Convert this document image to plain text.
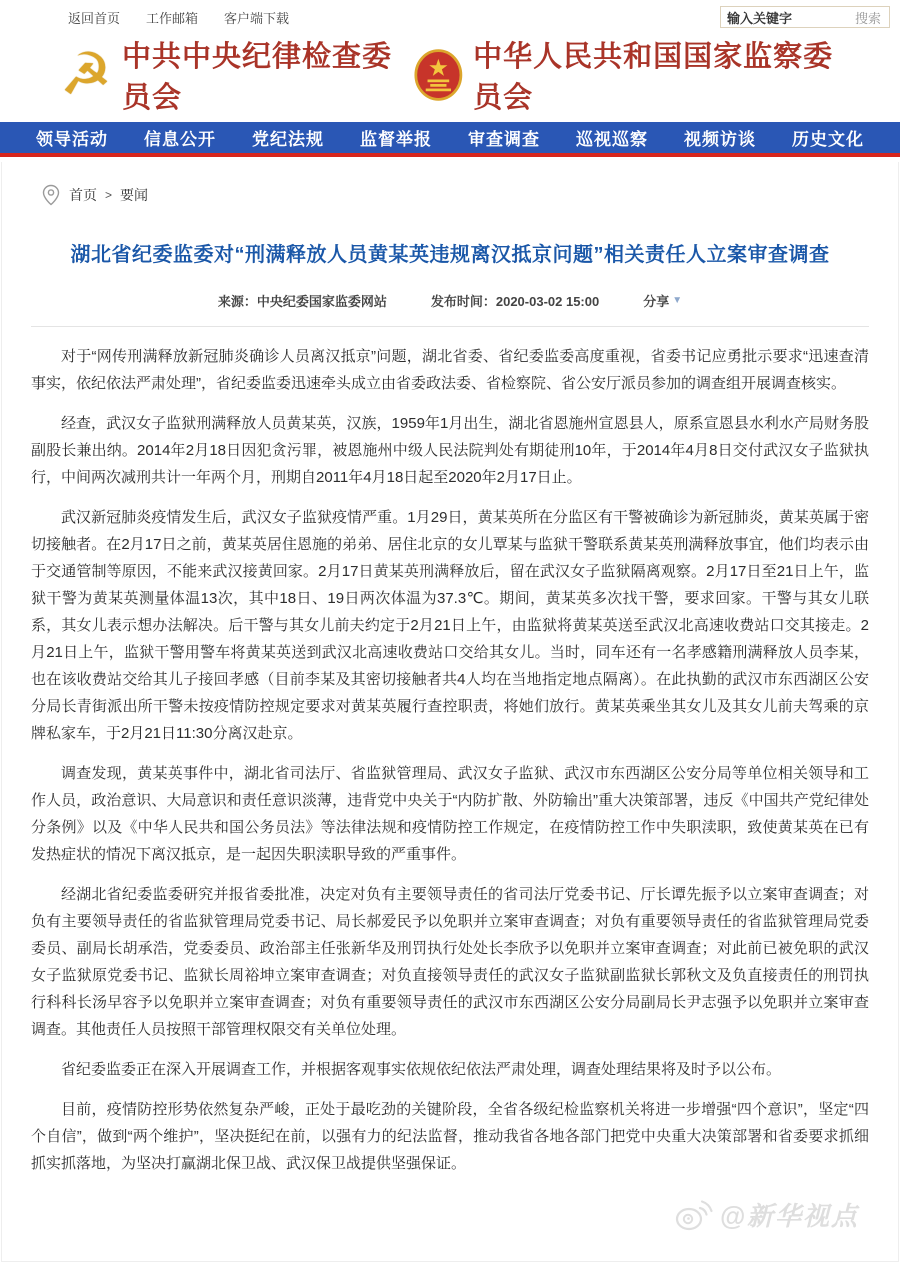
返回首页 工作邮箱 客户端下载
输入关键字	搜索
☭ 中共中央纪律检查委员会
中华人民共和国国家监察委员会
领导活动 信息公开 党纪法规 监督举报 审查调查 巡视巡察 视频访谈 历史文化
首页 > 要闻
湖北省纪委监委对“刑满释放人员黄某英违规离汉抵京问题”相关责任人立案审查调查
来源：中央纪委国家监委网站	发布时间：2020-03-02 15:00	分享 ▼

对于“网传刑满释放新冠肺炎确诊人员离汉抵京”问题，湖北省委、省纪委监委高度重视，省委书记应勇批示要求“迅速查清事实，依纪依法严肃处理”，省纪委监委迅速牵头成立由省委政法委、省检察院、省公安厅派员参加的调查组开展调查核实。

经查，武汉女子监狱刑满释放人员黄某英，汉族，1959年1月出生，湖北省恩施州宣恩县人，原系宣恩县水利水产局财务股副股长兼出纳。2014年2月18日因犯贪污罪，被恩施州中级人民法院判处有期徒刑10年，于2014年4月8日交付武汉女子监狱执行，中间两次减刑共计一年两个月，刑期自2011年4月18日起至2020年2月17日止。

武汉新冠肺炎疫情发生后，武汉女子监狱疫情严重。1月29日，黄某英所在分监区有干警被确诊为新冠肺炎，黄某英属于密切接触者。在2月17日之前，黄某英居住恩施的弟弟、居住北京的女儿覃某与监狱干警联系黄某英刑满释放事宜，他们均表示由于交通管制等原因，不能来武汉接黄回家。2月17日黄某英刑满释放后，留在武汉女子监狱隔离观察。2月17日至21日上午，监狱干警为黄某英测量体温13次，其中18日、19日两次体温为37.3℃。期间，黄某英多次找干警，要求回家。干警与其女儿联系，其女儿表示想办法解决。后干警与其女儿前夫约定于2月21日上午，由监狱将黄某英送至武汉北高速收费站口交其接走。2月21日上午，监狱干警用警车将黄某英送到武汉北高速收费站口交给其女儿。当时，同车还有一名孝感籍刑满释放人员李某，也在该收费站交给其儿子接回孝感（目前李某及其密切接触者共4人均在当地指定地点隔离）。在此执勤的武汉市东西湖区公安分局长青街派出所干警未按疫情防控规定要求对黄某英履行查控职责，将她们放行。黄某英乘坐其女儿及其女儿前夫驾乘的京牌私家车，于2月21日11:30分离汉赴京。

调查发现，黄某英事件中，湖北省司法厅、省监狱管理局、武汉女子监狱、武汉市东西湖区公安分局等单位相关领导和工作人员，政治意识、大局意识和责任意识淡薄，违背党中央关于“内防扩散、外防输出”重大决策部署，违反《中国共产党纪律处分条例》以及《中华人民共和国公务员法》等法律法规和疫情防控工作规定，在疫情防控工作中失职渎职，致使黄某英在已有发热症状的情况下离汉抵京，是一起因失职渎职导致的严重事件。

经湖北省纪委监委研究并报省委批准，决定对负有主要领导责任的省司法厅党委书记、厅长谭先振予以立案审查调查；对负有主要领导责任的省监狱管理局党委书记、局长郝爱民予以免职并立案审查调查；对负有重要领导责任的省监狱管理局党委委员、副局长胡承浩，党委委员、政治部主任张新华及刑罚执行处处长李欣予以免职并立案审查调查；对此前已被免职的武汉女子监狱原党委书记、监狱长周裕坤立案审查调查；对负直接领导责任的武汉女子监狱副监狱长郭秋文及负直接责任的刑罚执行科科长汤早容予以免职并立案审查调查；对负有重要领导责任的武汉市东西湖区公安分局副局长尹志强予以免职并立案审查调查。其他责任人员按照干部管理权限交有关单位处理。

省纪委监委正在深入开展调查工作，并根据客观事实依规依纪依法严肃处理，调查处理结果将及时予以公布。

目前，疫情防控形势依然复杂严峻，正处于最吃劲的关键阶段，全省各级纪检监察机关将进一步增强“四个意识”，坚定“四个自信”，做到“两个维护”，坚决挺纪在前，以强有力的纪法监督，推动我省各地各部门把党中央重大决策部署和省委要求抓细抓实抓落地，为坚决打赢湖北保卫战、武汉保卫战提供坚强保证。

@新华视点
